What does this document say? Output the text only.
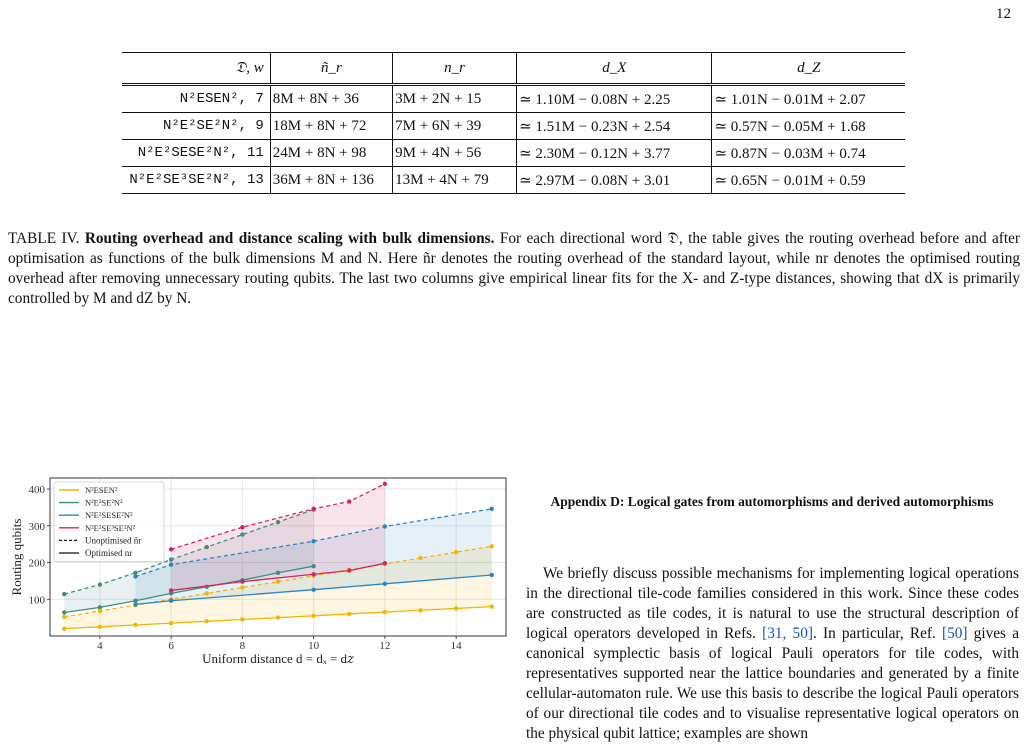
12
𝔇, w	ñ_r	n_r	d_X	d_Z
N²ESEN², 7	8M + 8N + 36	3M + 2N + 15	≃ 1.10M − 0.08N + 2.25	≃ 1.01N − 0.01M + 2.07
N²E²SE²N², 9	18M + 8N + 72	7M + 6N + 39	≃ 1.51M − 0.23N + 2.54	≃ 0.57N − 0.05M + 1.68
N²E²SESE²N², 11	24M + 8N + 98	9M + 4N + 56	≃ 2.30M − 0.12N + 3.77	≃ 0.87N − 0.03M + 0.74
N²E²SE³SE²N², 13	36M + 8N + 136	13M + 4N + 79	≃ 2.97M − 0.08N + 3.01	≃ 0.65N − 0.01M + 0.59
TABLE IV. Routing overhead and distance scaling with bulk dimensions. For each directional word 𝔇, the table gives the routing overhead before and after optimisation as functions of the bulk dimensions M and N. Here ñr denotes the routing overhead of the standard layout, while nr denotes the optimised routing overhead after removing unnecessary routing qubits. The last two columns give empirical linear fits for the X- and Z-type distances, showing that dX is primarily controlled by M and dZ by N.
4	6	8	10	12	14
100
200
300
400
Uniform distance d = dₓ = d𝑧
Routing qubits
N²ESEN²
N²E²SE²N²
N²E²SESE²N²
N²E²SE³SE²N²
Unoptimised ñr
Optimised nr
Appendix D: Logical gates from automorphisms and derived automorphisms
We briefly discuss possible mechanisms for implementing logical operations in the directional tile-code families considered in this work. Since these codes are constructed as tile codes, it is natural to use the structural description of logical operators developed in Refs. [31, 50]. In particular, Ref. [50] gives a canonical symplectic basis of logical Pauli operators for tile codes, with representatives supported near the lattice boundaries and generated by a finite cellular-automaton rule. We use this basis to describe the logical Pauli operators of our directional tile codes and to visualise representative logical operators on the physical qubit lattice; examples are shown
